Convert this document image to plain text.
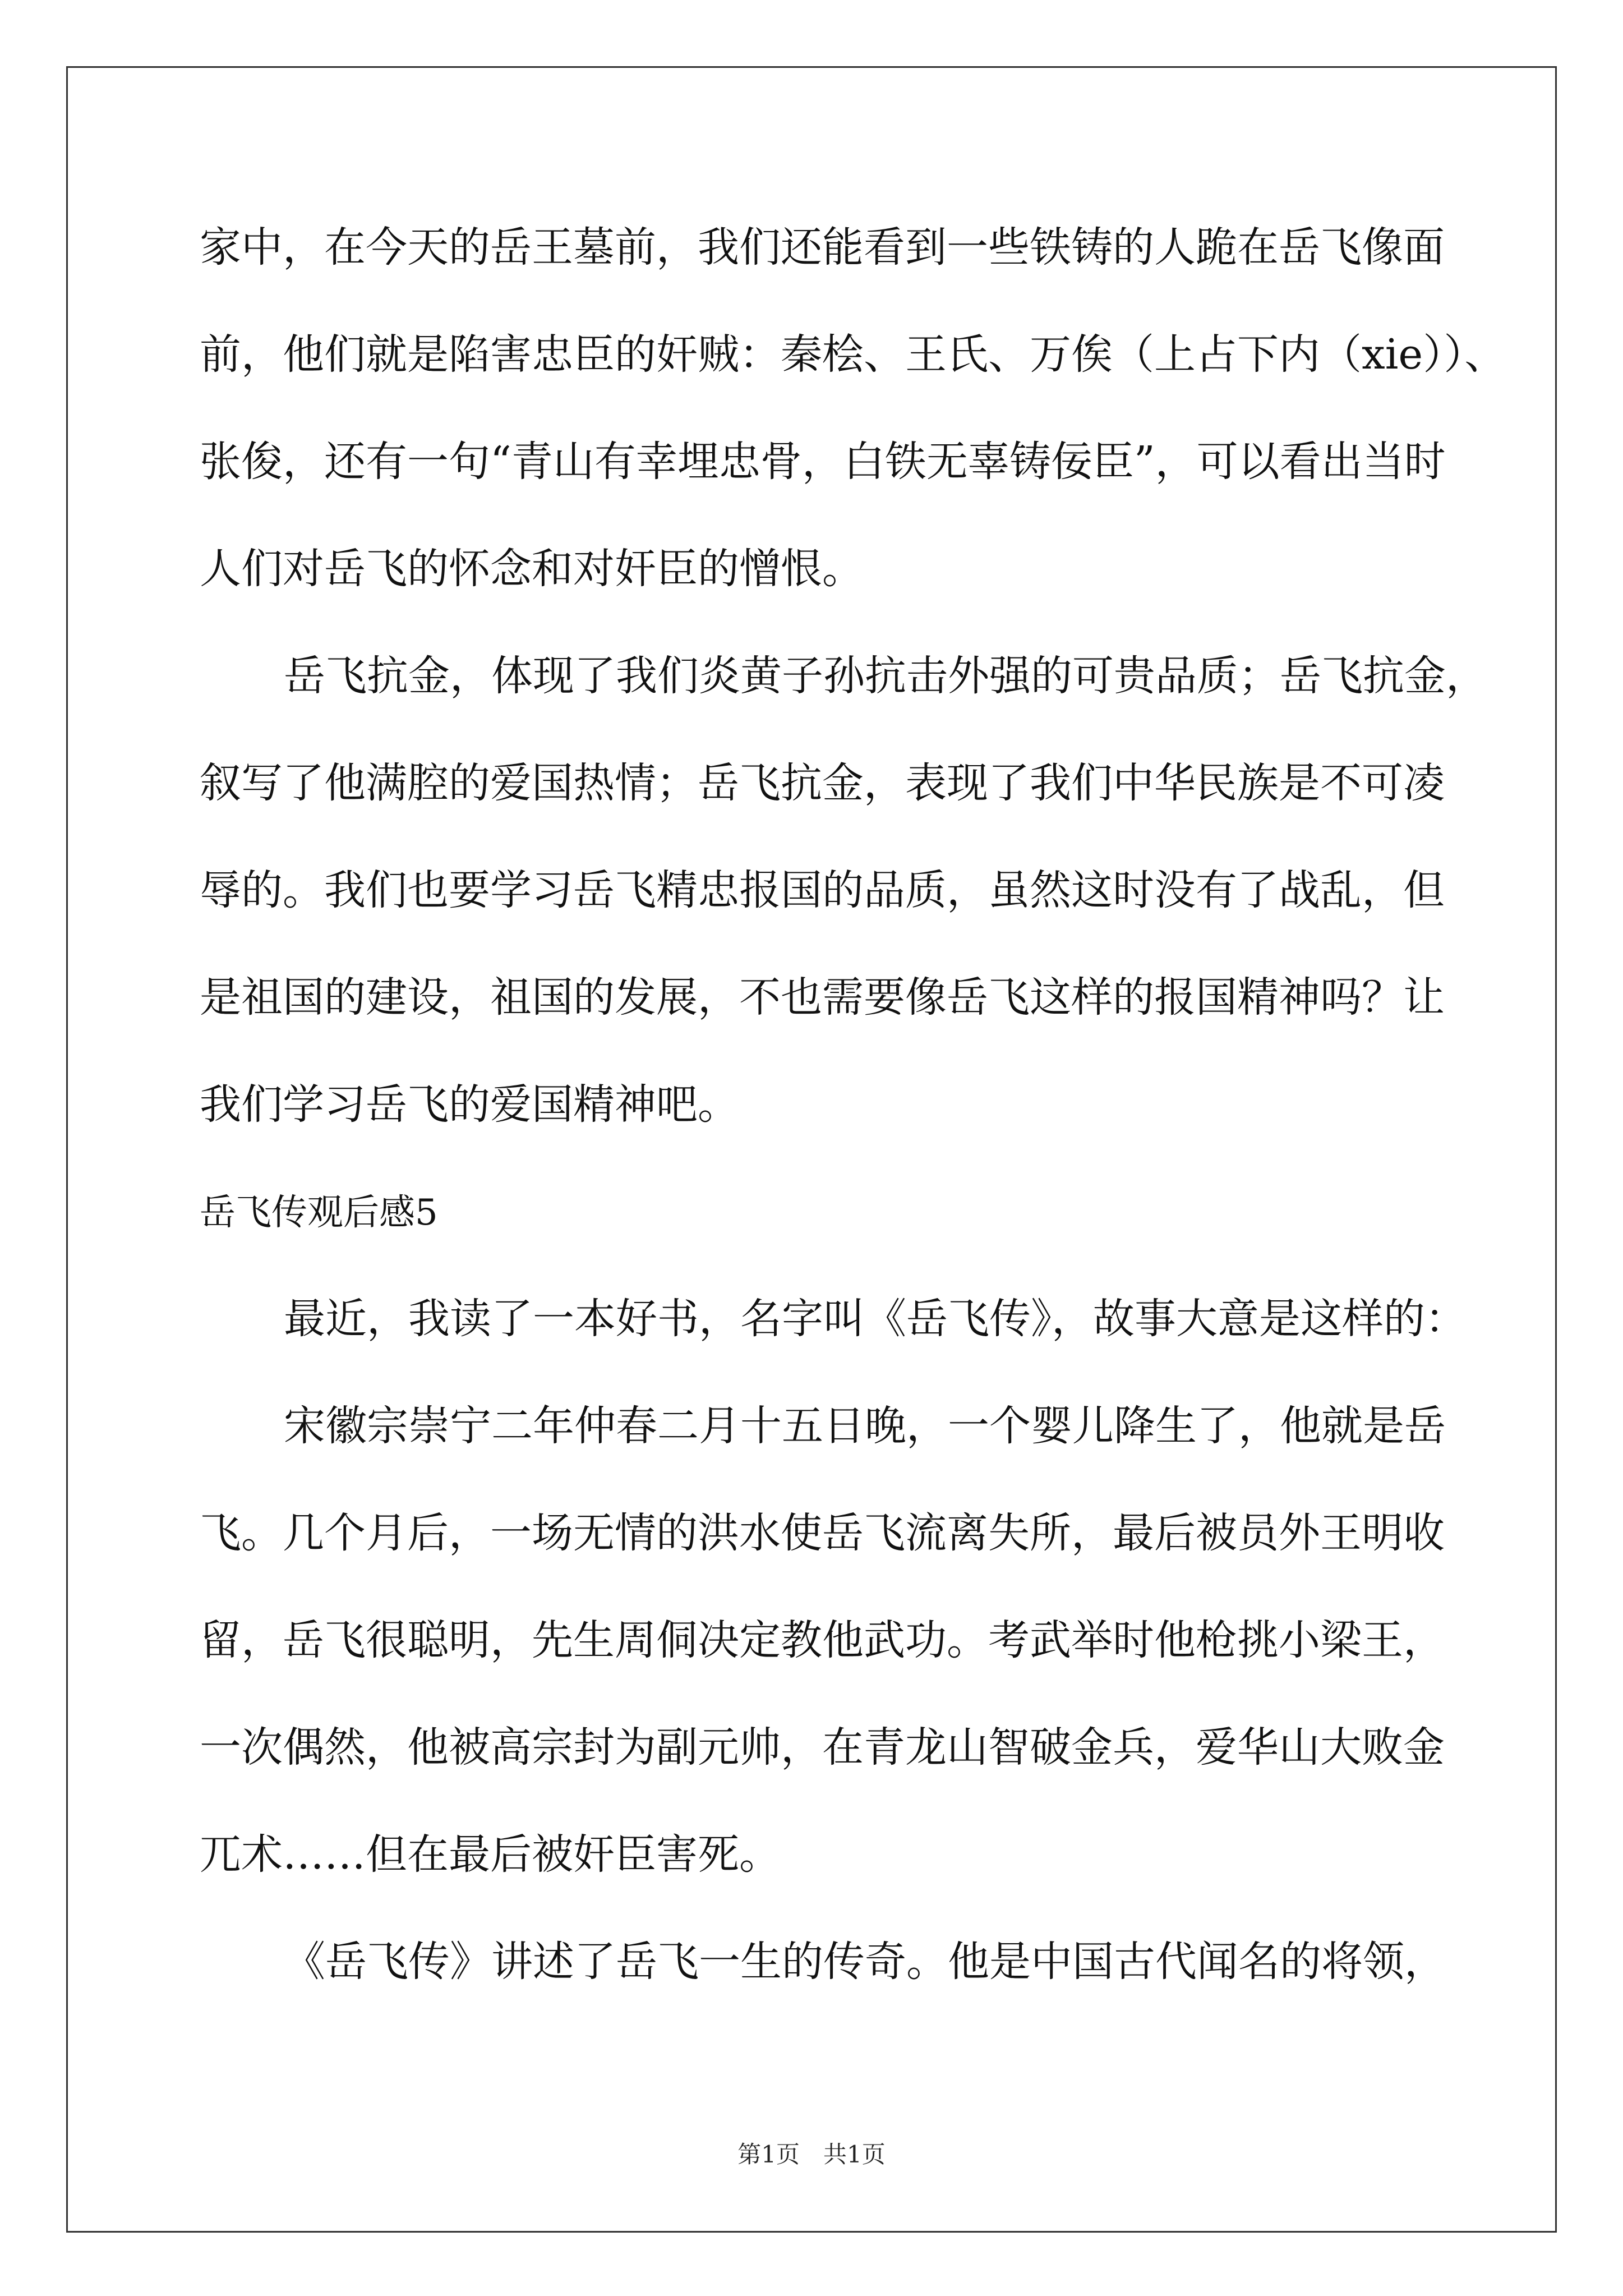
家中，在今天的岳王墓前，我们还能看到一些铁铸的人跪在岳飞像面
前，他们就是陷害忠臣的奸贼：秦桧、王氏、万俟（上占下内（xie））、
张俊，还有一句“青山有幸埋忠骨，白铁无辜铸佞臣”，可以看出当时
人们对岳飞的怀念和对奸臣的憎恨。
岳飞抗金，体现了我们炎黄子孙抗击外强的可贵品质；岳飞抗金，
叙写了他满腔的爱国热情；岳飞抗金，表现了我们中华民族是不可凌
辱的。我们也要学习岳飞精忠报国的品质，虽然这时没有了战乱，但
是祖国的建设，祖国的发展，不也需要像岳飞这样的报国精神吗？让
我们学习岳飞的爱国精神吧。
岳飞传观后感5
最近，我读了一本好书，名字叫《岳飞传》，故事大意是这样的：
宋徽宗崇宁二年仲春二月十五日晚，一个婴儿降生了，他就是岳
飞。几个月后，一场无情的洪水使岳飞流离失所，最后被员外王明收
留，岳飞很聪明，先生周侗决定教他武功。考武举时他枪挑小梁王，
一次偶然，他被高宗封为副元帅，在青龙山智破金兵，爱华山大败金
兀术……但在最后被奸臣害死。
《岳飞传》讲述了岳飞一生的传奇。他是中国古代闻名的将领，
第1页　共1页
